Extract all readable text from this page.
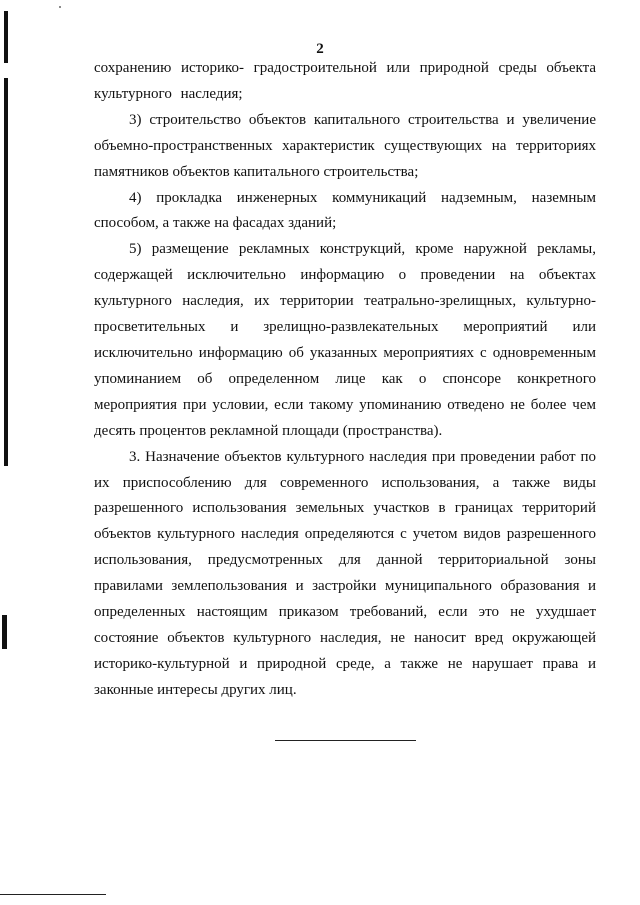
2

сохранению историко- градостроительной или природной среды объекта культурного наследия;

3) строительство объектов капитального строительства и увеличение объемно-пространственных характеристик существующих на территориях памятников объектов капитального строительства;

4) прокладка инженерных коммуникаций надземным, наземным способом, а также на фасадах зданий;

5) размещение рекламных конструкций, кроме наружной рекламы, содержащей исключительно информацию о проведении на объектах культурного наследия, их территории театрально-зрелищных, культурно-просветительных и зрелищно-развлекательных мероприятий или исключительно информацию об указанных мероприятиях с одновременным упоминанием об определенном лице как о спонсоре конкретного мероприятия при условии, если такому упоминанию отведено не более чем десять процентов рекламной площади (пространства).

3. Назначение объектов культурного наследия при проведении работ по их приспособлению для современного использования, а также виды разрешенного использования земельных участков в границах территорий объектов культурного наследия определяются с учетом видов разрешенного использования, предусмотренных для данной территориальной зоны правилами землепользования и застройки муниципального образования и определенных настоящим приказом требований, если это не ухудшает состояние объектов культурного наследия, не наносит вред окружающей историко-культурной и природной среде, а также не нарушает права и законные интересы других лиц.
